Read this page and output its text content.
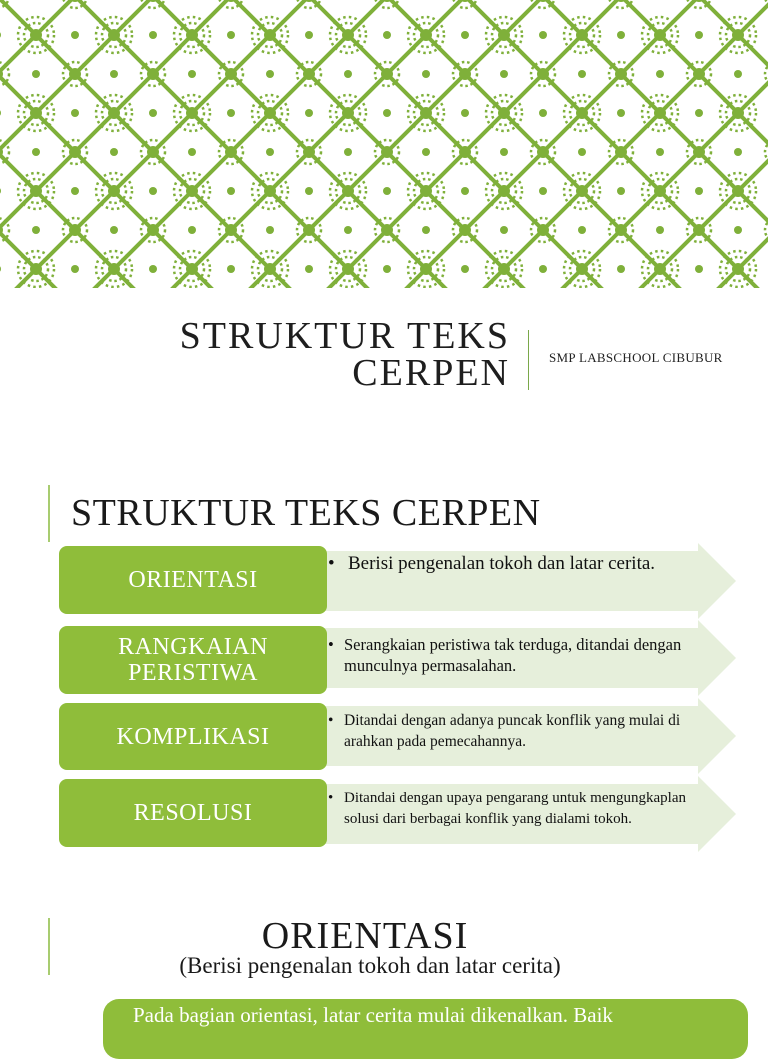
STRUKTUR TEKS
CERPEN	SMP LABSCHOOL CIBUBUR
STRUKTUR TEKS CERPEN
ORIENTASI
• Berisi pengenalan tokoh dan latar cerita.
RANGKAIAN PERISTIWA
• Serangkaian peristiwa tak terduga, ditandai dengan munculnya permasalahan.
KOMPLIKASI
• Ditandai dengan adanya puncak konflik yang mulai di arahkan pada pemecahannya.
RESOLUSI
• Ditandai dengan upaya pengarang untuk mengungkaplan solusi dari berbagai konflik yang dialami tokoh.
ORIENTASI
(Berisi pengenalan tokoh dan latar cerita)
Pada bagian orientasi, latar cerita mulai dikenalkan. Baik
